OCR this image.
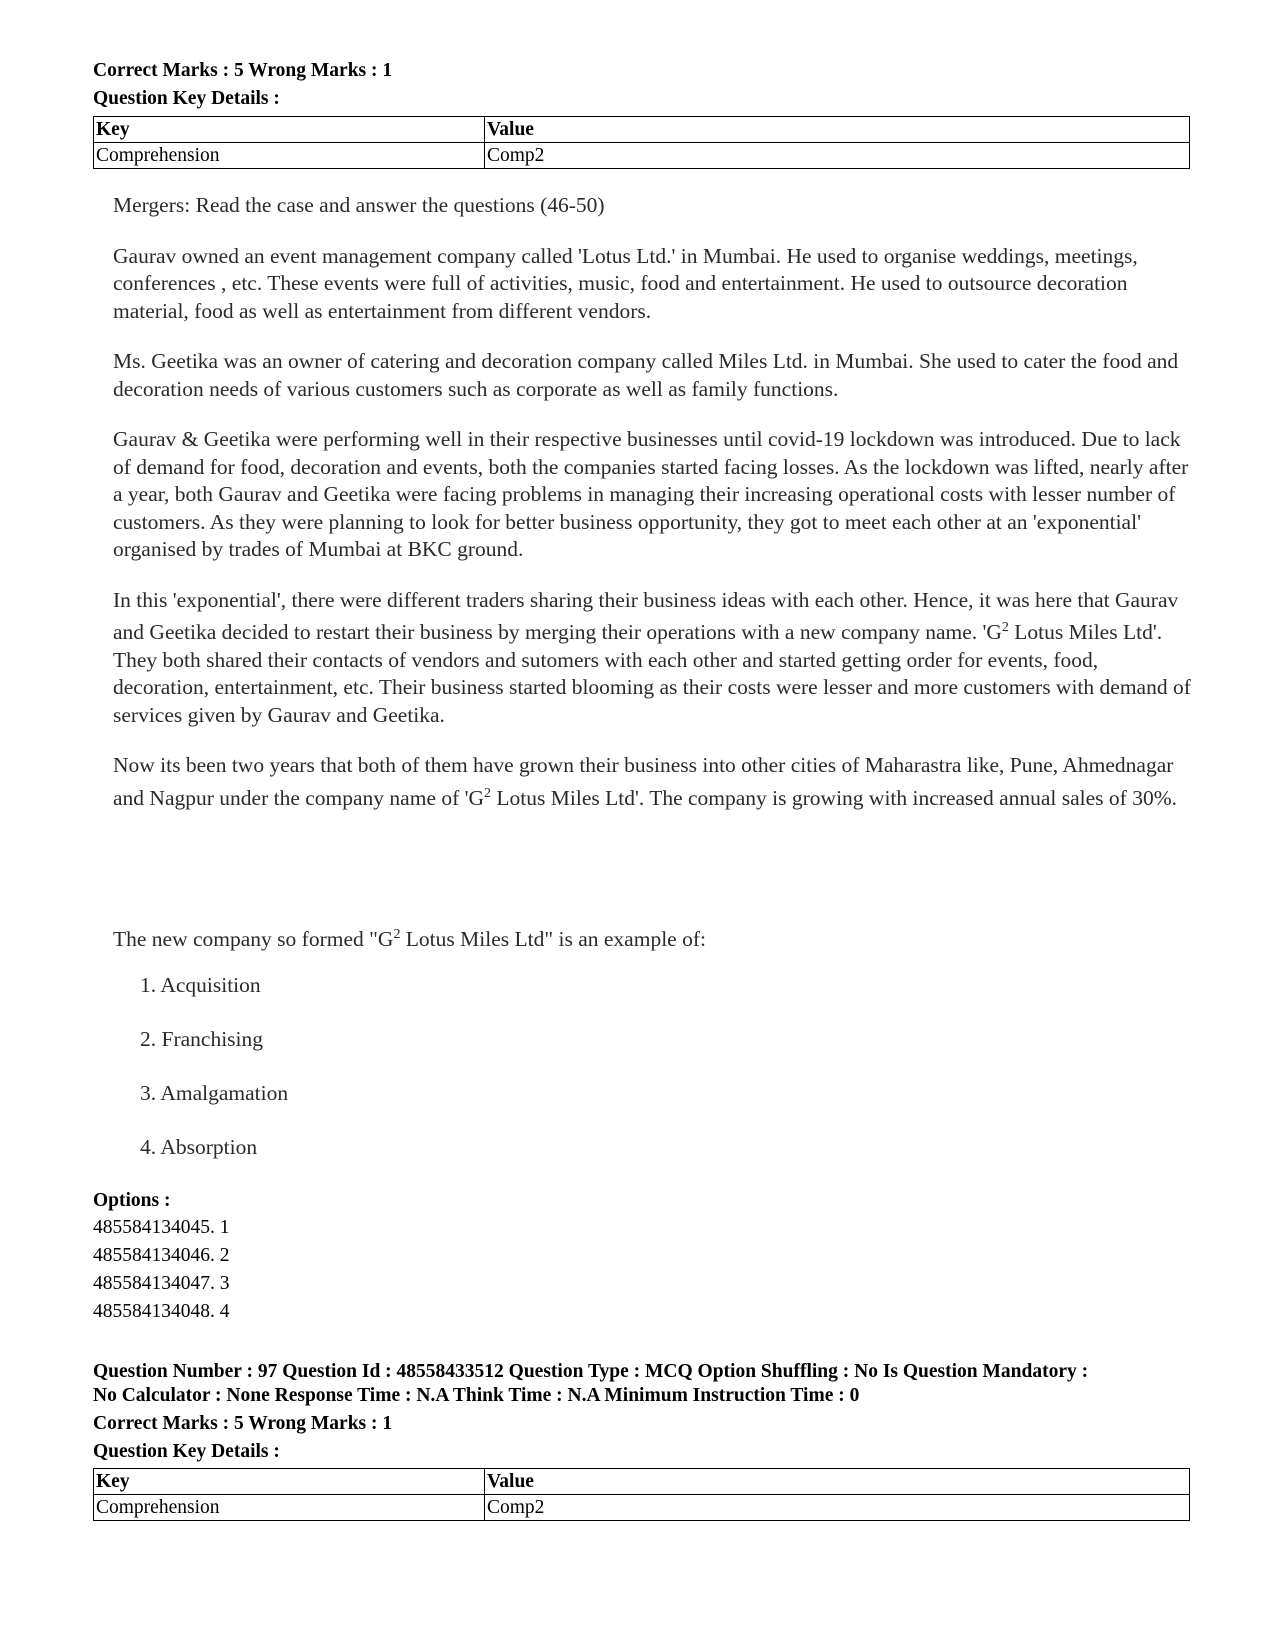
Correct Marks : 5 Wrong Marks : 1
Question Key Details :
Key	Value
Comprehension	Comp2

Mergers: Read the case and answer the questions (46-50)

Gaurav owned an event management company called 'Lotus Ltd.' in Mumbai. He used to organise weddings, meetings, conferences , etc. These events were full of activities, music, food and entertainment. He used to outsource decoration material, food as well as entertainment from different vendors.

Ms. Geetika was an owner of catering and decoration company called Miles Ltd. in Mumbai. She used to cater the food and decoration needs of various customers such as corporate as well as family functions.

Gaurav & Geetika were performing well in their respective businesses until covid-19 lockdown was introduced. Due to lack of demand for food, decoration and events, both the companies started facing losses. As the lockdown was lifted, nearly after a year, both Gaurav and Geetika were facing problems in managing their increasing operational costs with lesser number of customers. As they were planning to look for better business opportunity, they got to meet each other at an 'exponential' organised by trades of Mumbai at BKC ground.

In this 'exponential', there were different traders sharing their business ideas with each other. Hence, it was here that Gaurav and Geetika decided to restart their business by merging their operations with a new company name. '$G^2$ Lotus Miles Ltd'. They both shared their contacts of vendors and sutomers with each other and started getting order for events, food, decoration, entertainment, etc. Their business started blooming as their costs were lesser and more customers with demand of services given by Gaurav and Geetika.

Now its been two years that both of them have grown their business into other cities of Maharastra like, Pune, Ahmednagar and Nagpur under the company name of '$G^2$ Lotus Miles Ltd'. The company is growing with increased annual sales of 30%.

The new company so formed "$G^2$ Lotus Miles Ltd" is an example of:

1. Acquisition
2. Franchising
3. Amalgamation
4. Absorption
Options :
485584134045. 1
485584134046. 2
485584134047. 3
485584134048. 4
Question Number : 97 Question Id : 48558433512 Question Type : MCQ Option Shuffling : No Is Question Mandatory :
No Calculator : None Response Time : N.A Think Time : N.A Minimum Instruction Time : 0
Correct Marks : 5 Wrong Marks : 1
Question Key Details :
Key	Value
Comprehension	Comp2
